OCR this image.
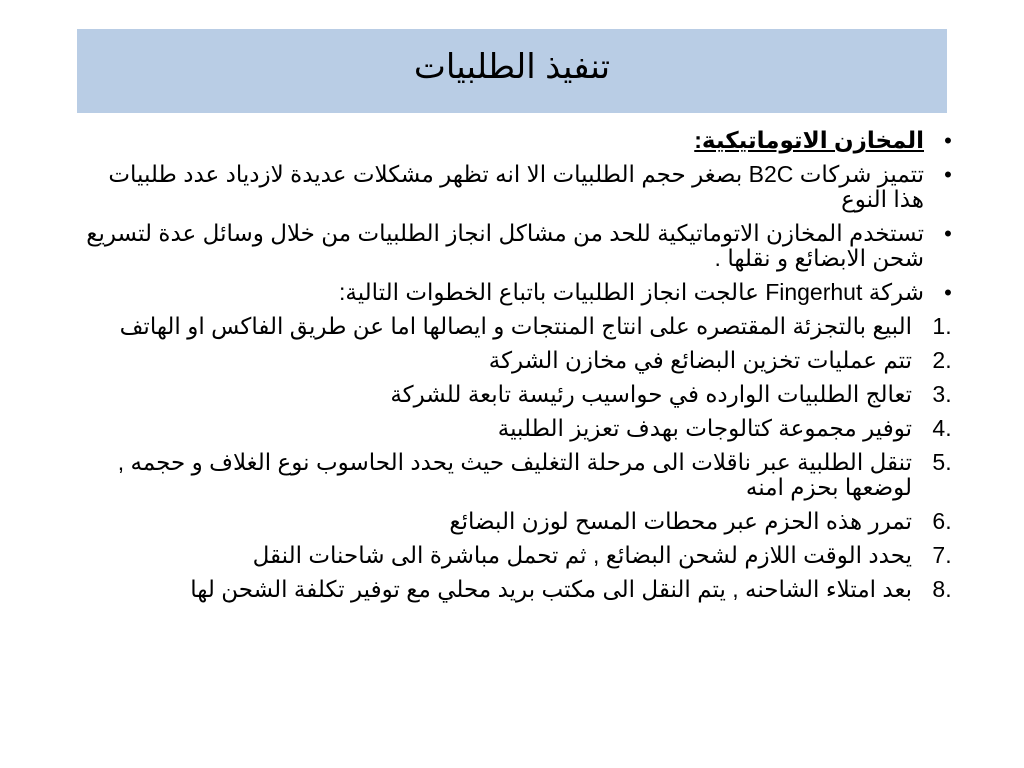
تنفيذ الطلبيات
•
المخازن الاتوماتيكية:
•
تتميز شركات B2C بصغر حجم الطلبيات الا انه تظهر مشكلات عديدة لازدياد عدد طلبيات هذا النوع
•
تستخدم المخازن الاتوماتيكية للحد من مشاكل انجاز الطلبيات من خلال وسائل عدة لتسريع شحن الابضائع و نقلها .
•
شركة Fingerhut عالجت انجاز الطلبيات باتباع الخطوات التالية:
1.
البيع بالتجزئة المقتصره على انتاج المنتجات و ايصالها اما عن طريق الفاكس او الهاتف
2.
تتم عمليات تخزين البضائع في مخازن الشركة
3.
تعالج الطلبيات الوارده في حواسيب رئيسة تابعة للشركة
4.
توفير مجموعة كتالوجات بهدف تعزيز الطلبية
5.
تنقل الطلبية عبر ناقلات الى مرحلة التغليف حيث يحدد الحاسوب نوع الغلاف و حجمه , لوضعها بحزم امنه
6.
تمرر هذه الحزم عبر محطات المسح لوزن البضائع
7.
يحدد الوقت اللازم لشحن البضائع , ثم تحمل مباشرة الى شاحنات النقل
8.
بعد امتلاء الشاحنه , يتم النقل الى مكتب بريد محلي مع توفير تكلفة الشحن لها
